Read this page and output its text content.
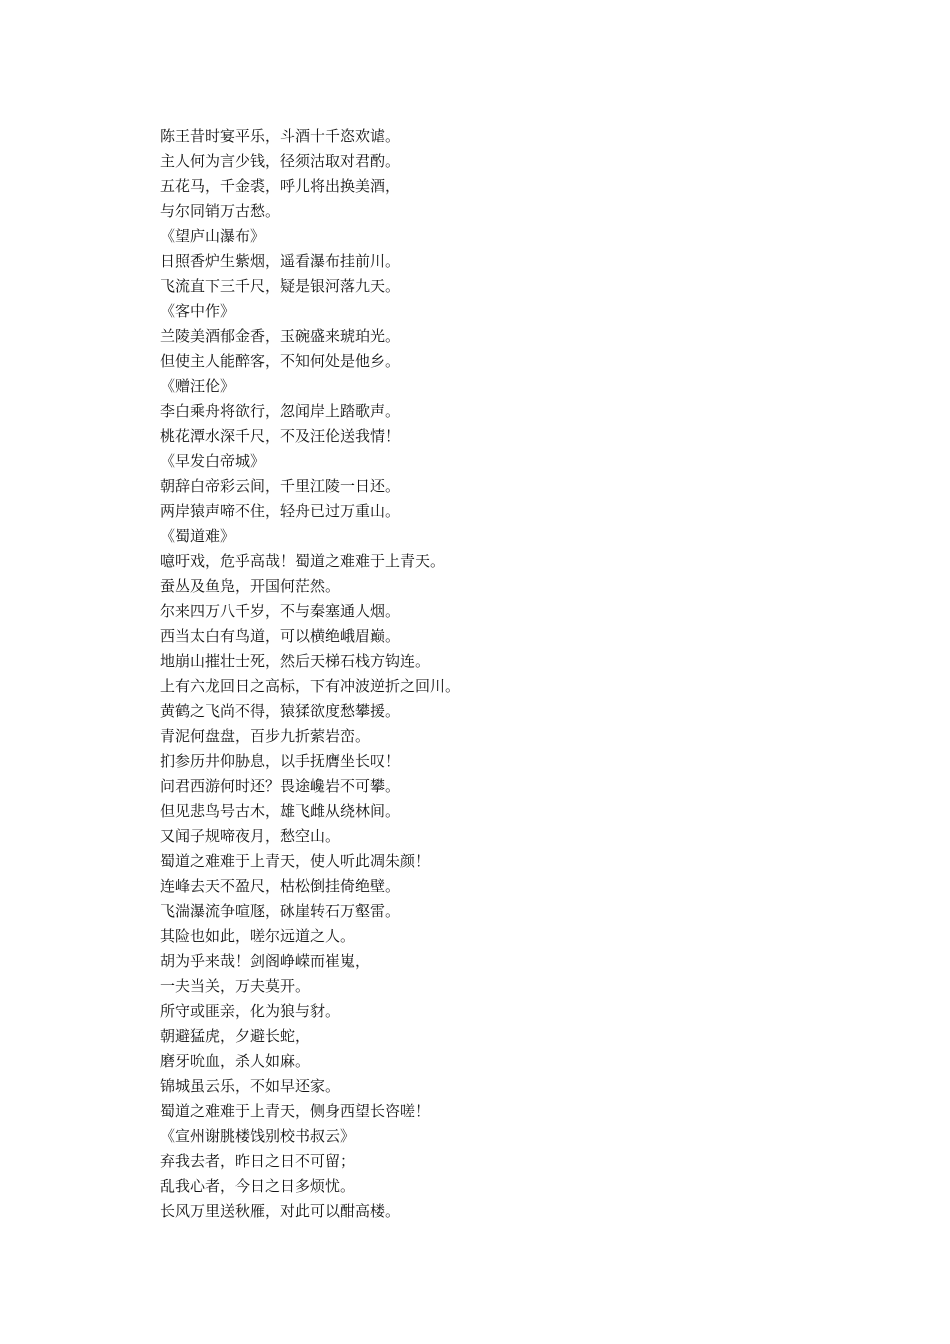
陈王昔时宴平乐，斗酒十千恣欢谑。
主人何为言少钱，径须沽取对君酌。
五花马，千金裘，呼儿将出换美酒，
与尔同销万古愁。
《望庐山瀑布》
日照香炉生紫烟，遥看瀑布挂前川。
飞流直下三千尺，疑是银河落九天。
《客中作》
兰陵美酒郁金香，玉碗盛来琥珀光。
但使主人能醉客，不知何处是他乡。
《赠汪伦》
李白乘舟将欲行，忽闻岸上踏歌声。
桃花潭水深千尺，不及汪伦送我情！
《早发白帝城》
朝辞白帝彩云间，千里江陵一日还。
两岸猿声啼不住，轻舟已过万重山。
《蜀道难》
噫吁戏，危乎高哉！蜀道之难难于上青天。
蚕丛及鱼凫，开国何茫然。
尔来四万八千岁，不与秦塞通人烟。
西当太白有鸟道，可以横绝峨眉巅。
地崩山摧壮士死，然后天梯石栈方钩连。
上有六龙回日之高标，下有冲波逆折之回川。
黄鹤之飞尚不得，猿猱欲度愁攀援。
青泥何盘盘，百步九折萦岩峦。
扪参历井仰胁息，以手抚膺坐长叹！
问君西游何时还？畏途巉岩不可攀。
但见悲鸟号古木，雄飞雌从绕林间。
又闻子规啼夜月，愁空山。
蜀道之难难于上青天，使人听此凋朱颜！
连峰去天不盈尺，枯松倒挂倚绝壁。
飞湍瀑流争喧豗，砯崖转石万壑雷。
其险也如此，嗟尔远道之人。
胡为乎来哉！剑阁峥嵘而崔嵬，
一夫当关，万夫莫开。
所守或匪亲，化为狼与豺。
朝避猛虎，夕避长蛇，
磨牙吮血，杀人如麻。
锦城虽云乐，不如早还家。
蜀道之难难于上青天，侧身西望长咨嗟！
《宣州谢朓楼饯别校书叔云》
弃我去者，昨日之日不可留；
乱我心者，今日之日多烦忧。
长风万里送秋雁，对此可以酣高楼。
